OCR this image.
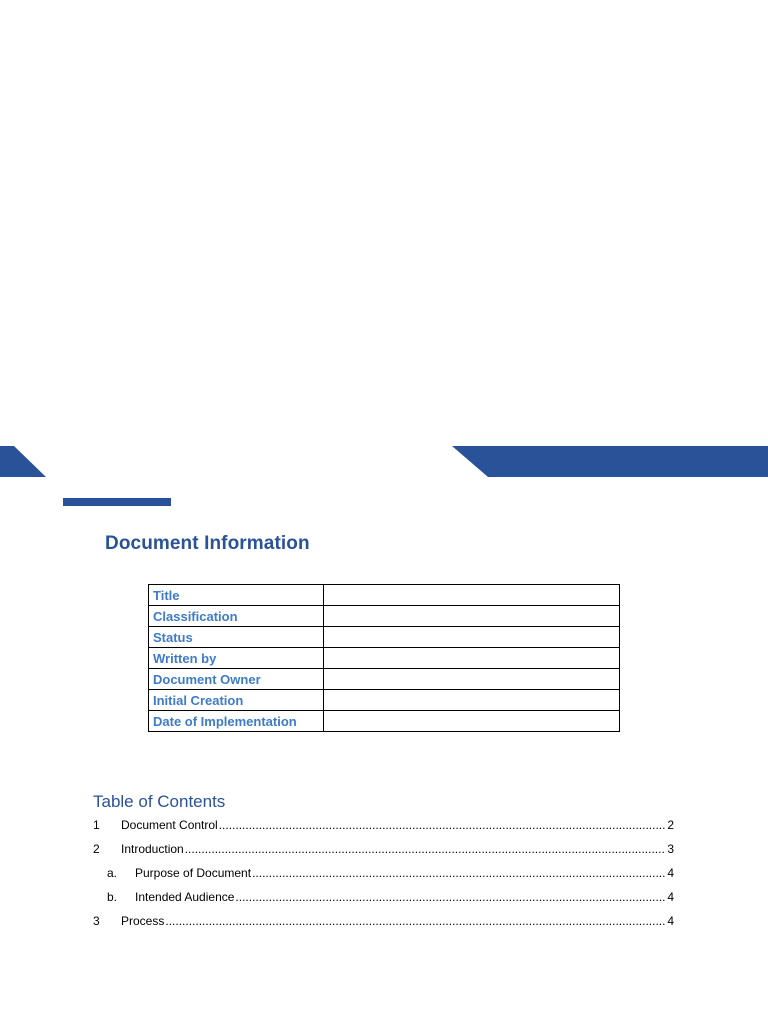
Document Information
Title	
Classification	
Status	
Written by	
Document Owner	
Initial Creation	
Date of Implementation	
Table of Contents
1 Document Control .....	2
2 Introduction .....	3
a. Purpose of Document .....	4
b. Intended Audience .....	4
3 Process .....	4
